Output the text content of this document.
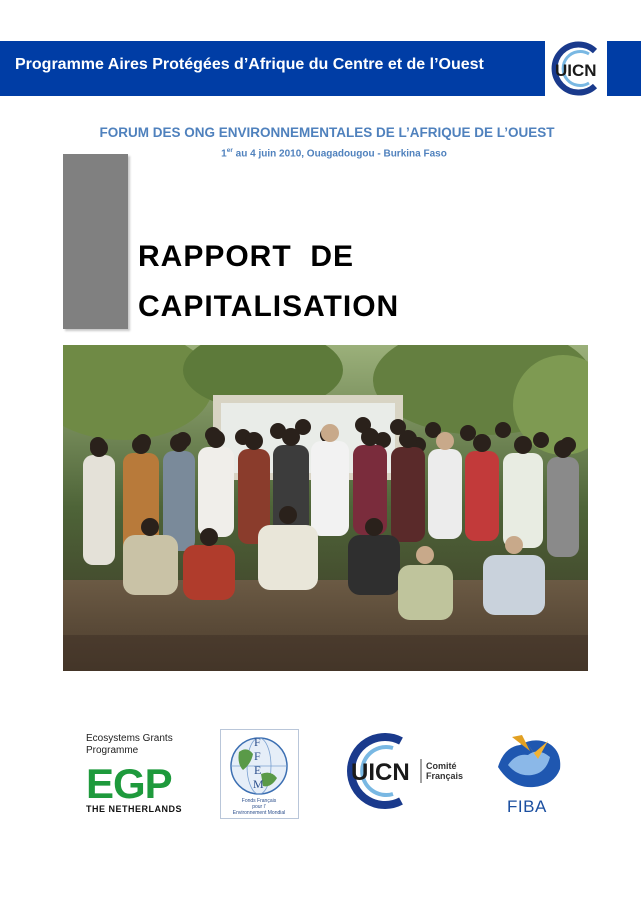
Programme Aires Protégées d’Afrique du Centre et de l’Ouest	UICN
FORUM DES ONG ENVIRONNEMENTALES DE L’AFRIQUE DE L’OUEST
1er au 4 juin 2010, Ouagadougou - Burkina Faso
RAPPORT  DE
CAPITALISATION
Ecosystems Grants
Programme
EGP
THE NETHERLANDS
F
F
E
M
Fonds Français
pour l’
Environnement Mondial
UICN Comité
Français
FIBA
